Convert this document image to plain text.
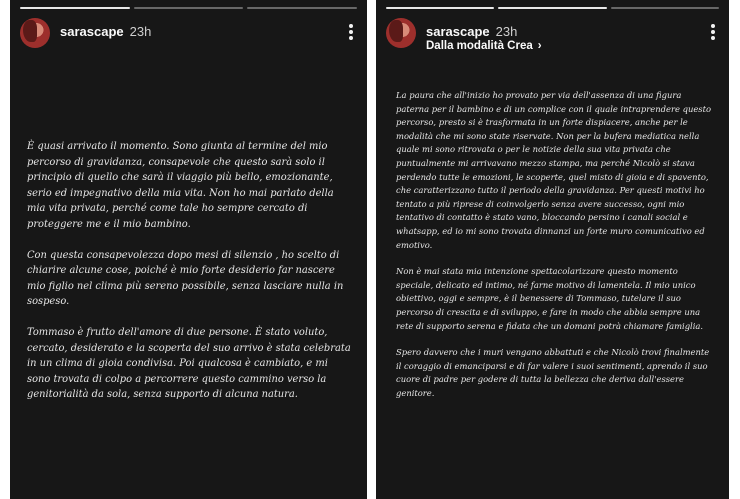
sarascape 23h

È quasi arrivato il momento. Sono giunta al termine del mio percorso di gravidanza, consapevole che questo sarà solo il principio di quello che sarà il viaggio più bello, emozionante, serio ed impegnativo della mia vita. Non ho mai parlato della mia vita privata, perché come tale ho sempre cercato di proteggere me e il mio bambino.

Con questa consapevolezza dopo mesi di silenzio , ho scelto di chiarire alcune cose, poiché è mio forte desiderio far nascere mio figlio nel clima più sereno possibile, senza lasciare nulla in sospeso.

Tommaso è frutto dell'amore di due persone. È stato voluto, cercato, desiderato e la scoperta del suo arrivo è stata celebrata in un clima di gioia condivisa. Poi qualcosa è cambiato, e mi sono trovata di colpo a percorrere questo cammino verso la genitorialità da sola, senza supporto di alcuna natura.

sarascape 23h
Dalla modalità Crea ›

La paura che all'inizio ho provato per via dell'assenza di una figura paterna per il bambino e di un complice con il quale intraprendere questo percorso, presto si è trasformata in un forte dispiacere, anche per le modalità che mi sono state riservate. Non per la bufera mediatica nella quale mi sono ritrovata o per le notizie della sua vita privata che puntualmente mi arrivavano mezzo stampa, ma perché Nicolò si stava perdendo tutte le emozioni, le scoperte, quel misto di gioia e di spavento, che caratterizzano tutto il periodo della gravidanza. Per questi motivi ho tentato a più riprese di coinvolgerlo senza avere successo, ogni mio tentativo di contatto è stato vano, bloccando persino i canali social e whatsapp, ed io mi sono trovata dinnanzi un forte muro comunicativo ed emotivo.

Non è mai stata mia intenzione spettacolarizzare questo momento speciale, delicato ed intimo, né farne motivo di lamentela. Il mio unico obiettivo, oggi e sempre, è il benessere di Tommaso, tutelare il suo percorso di crescita e di sviluppo, e fare in modo che abbia sempre una rete di supporto serena e fidata che un domani potrà chiamare famiglia.

Spero davvero che i muri vengano abbattuti e che Nicolò trovi finalmente il coraggio di emanciparsi e di far valere i suoi sentimenti, aprendo il suo cuore di padre per godere di tutta la bellezza che deriva dall'essere genitore.
